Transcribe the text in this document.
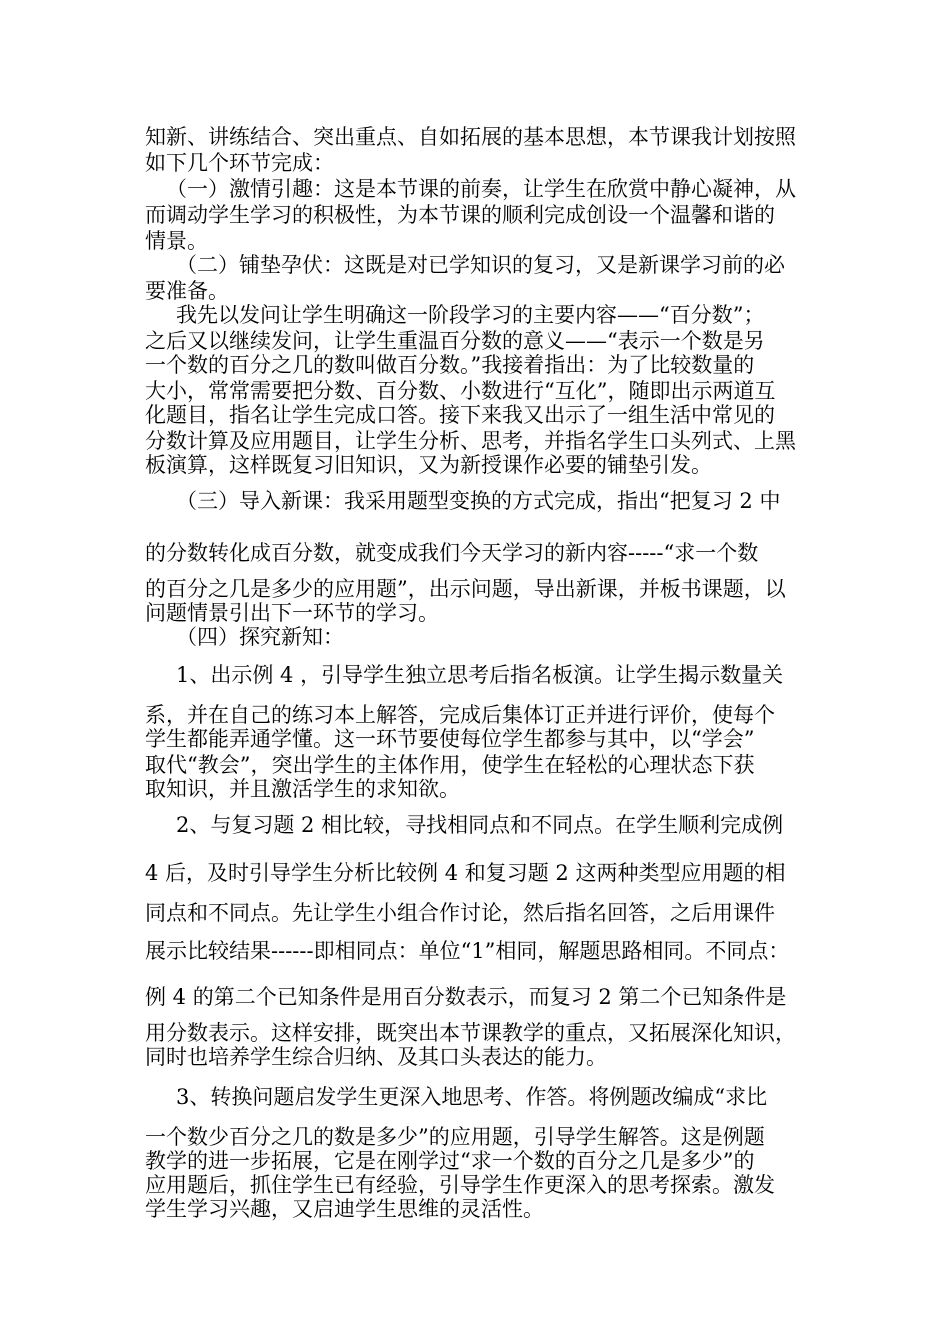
知新、讲练结合、突出重点、自如拓展的基本思想，本节课我计划按照
如下几个环节完成：
（一）激情引趣：这是本节课的前奏，让学生在欣赏中静心凝神，从
而调动学生学习的积极性，为本节课的顺利完成创设一个温馨和谐的
情景。
（二）铺垫孕伏：这既是对已学知识的复习，又是新课学习前的必
要准备。
我先以发问让学生明确这一阶段学习的主要内容——“百分数”；
之后又以继续发问，让学生重温百分数的意义——“表示一个数是另
一个数的百分之几的数叫做百分数。”我接着指出：为了比较数量的
大小，常常需要把分数、百分数、小数进行“互化”，随即出示两道互
化题目，指名让学生完成口答。接下来我又出示了一组生活中常见的
分数计算及应用题目，让学生分析、思考，并指名学生口头列式、上黑
板演算，这样既复习旧知识，又为新授课作必要的铺垫引发。
（三）导入新课：我采用题型变换的方式完成，指出“把复习 2 中
的分数转化成百分数，就变成我们今天学习的新内容-----“求一个数
的百分之几是多少的应用题”，出示问题，导出新课，并板书课题，以
问题情景引出下一环节的学习。
（四）探究新知：
1、出示例 4 ，引导学生独立思考后指名板演。让学生揭示数量关
系，并在自己的练习本上解答，完成后集体订正并进行评价，使每个
学生都能弄通学懂。这一环节要使每位学生都参与其中，以“学会”
取代“教会”，突出学生的主体作用，使学生在轻松的心理状态下获
取知识，并且激活学生的求知欲。
2、与复习题 2 相比较，寻找相同点和不同点。在学生顺利完成例
4 后，及时引导学生分析比较例 4 和复习题 2 这两种类型应用题的相
同点和不同点。先让学生小组合作讨论，然后指名回答，之后用课件
展示比较结果------即相同点：单位“1”相同，解题思路相同。不同点：
例 4 的第二个已知条件是用百分数表示，而复习 2 第二个已知条件是
用分数表示。这样安排，既突出本节课教学的重点，又拓展深化知识，
同时也培养学生综合归纳、及其口头表达的能力。
3、转换问题启发学生更深入地思考、作答。将例题改编成“求比
一个数少百分之几的数是多少”的应用题，引导学生解答。这是例题
教学的进一步拓展，它是在刚学过“求一个数的百分之几是多少”的
应用题后，抓住学生已有经验，引导学生作更深入的思考探索。激发
学生学习兴趣，又启迪学生思维的灵活性。
